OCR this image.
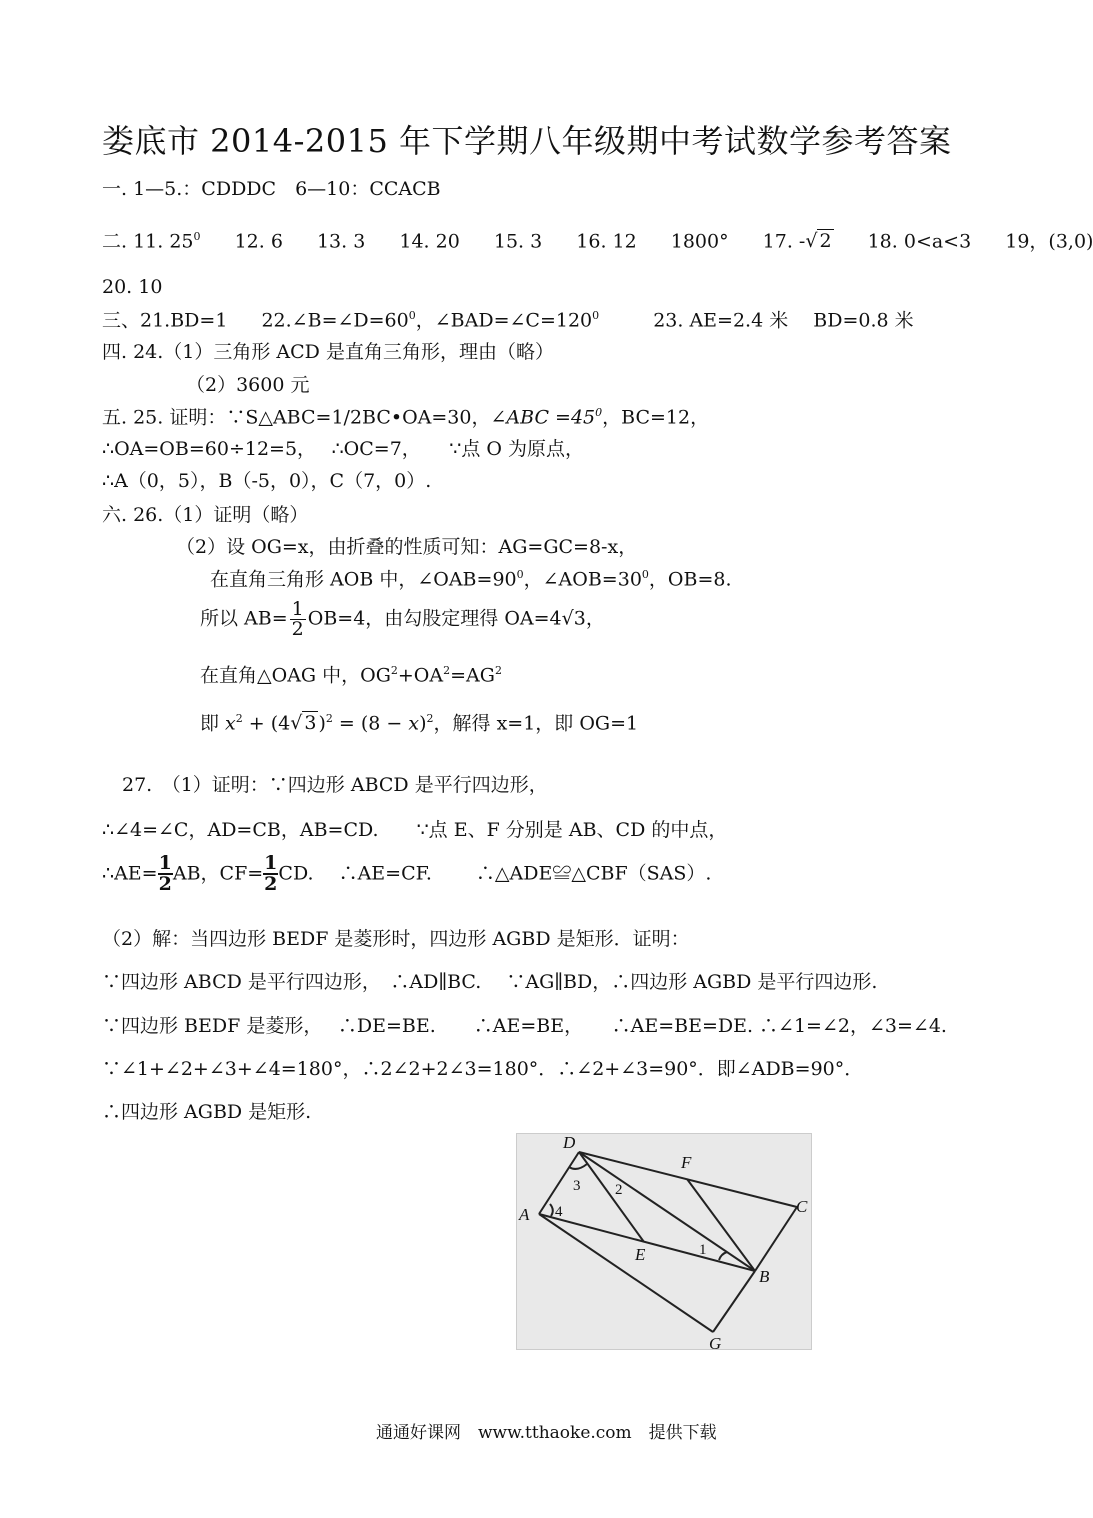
娄底市 2014-2015 年下学期八年级期中考试数学参考答案
一. 1—5.：CDDDC　6—10：CCACB
二. 11. $25^0$ 12. 6 13. 3 14. 20 15. 3 16. 12 1800° 17. -√ 2 18. 0<a<3 19，(3,0)
20. 10
三、21.BD=1 $22.\angle B=\angle D=60^0$，$\angle BAD=\angle C=120^0$	23. AE=2.4 米　 BD=0.8 米
四. 24.（1）三角形 ACD 是直角三角形，理由（略）
（2）3600 元
五. 25. 证明：∵S△ABC=1/2BC•OA=30，∠ABC $=45^0$，BC=12，
∴OA=OB=60÷12=5，　 ∴OC=7，　　∵点 O 为原点，
∴A（0，5），B（-5，0），C（7，0）.
六. 26.（1）证明（略）
（2）设 OG=x，由折叠的性质可知：AG=GC=8-x，
在直角三角形 AOB 中，$\angle OAB=90^0$，$\angle AOB=30^0$，OB=8.
所以 $AB= \frac{1}{2} OB=4$，由勾股定理得 OA=4√3，
在直角△OAG 中，$OG^2+OA^2=AG^2$
即 $x^2 + (4√$ 3 )$^2 = (8 - x)^2$，解得 x=1，即 OG=1
27.　（1）证明：∵四边形 ABCD 是平行四边形，
∴∠4=∠C，AD=CB，AB=CD.　　∵点 E、F 分别是 AB、CD 的中点，
∴AE= $\frac{1}{2}$ AB，$CF= \frac{1}{2}$ CD.　 ∴AE=CF.　　 ∴△ADE≌△CBF（SAS）.
（2）解：当四边形 BEDF 是菱形时，四边形 AGBD 是矩形．证明：
∵四边形 ABCD 是平行四边形，　∴AD∥BC.　 ∵AG∥BD，∴四边形 AGBD 是平行四边形.
∵四边形 BEDF 是菱形，　 ∴DE=BE.　　∴AE=BE，　　∴AE=BE=DE. ∴∠1=∠2，∠3=∠4.
∵∠1+∠2+∠3+∠4=180°，∴2∠2+2∠3=180°．∴∠2+∠3=90°．即∠ADB=90°．
∴四边形 AGBD 是矩形.
D
F
C
A
E
B
G
1
2
3
4
通通好课网　www.tthaoke.com　提供下载
